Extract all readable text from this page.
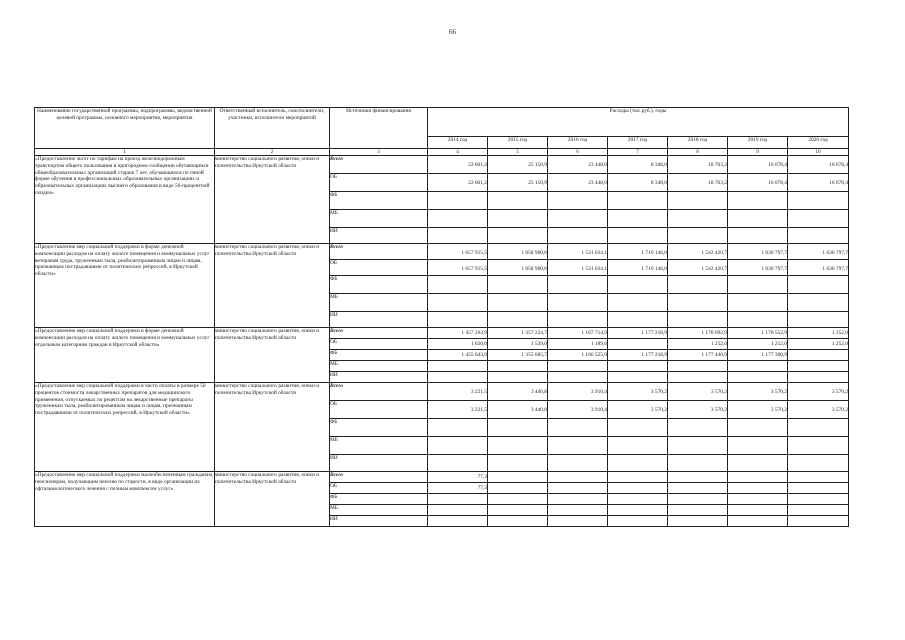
66
Наименование государственной программы, подпрограммы, ведомственной целевой программы, основного мероприятия, мероприятия	Ответственный исполнитель, соисполнители, участники, исполнители мероприятий	Источники финансирования	Расходы (тыс.руб.), годы						
			2014 год	2015 год	2016 год	2017 год	2018 год	2019 год	2020 год
1	2	3	4	5	6	7	8	9	10
«Предоставление льгот по тарифам на проезд железнодорожным транспортом общего пользования в пригородном сообщении обучающимся общеобразовательных организаций старше 7 лет, обучающимся по очной форме обучения в профессиональных образовательных организациях и образовательных организациях высшего образования в виде 50-процентной скидки»	министерство социального развития, опеки и попечительства Иркутской области	Всего	22 601,2	25 150,9	23 448,0	8 348,0	18 763,2	16 678,4	16 678,4
		ОБ	22 601,2	25 150,9	23 448,0	8 348,0	18 763,2	16 678,4	16 678,4
		ФБ							
		МБ							
		ИИ							
«Предоставление мер социальной поддержки в форме денежной компенсации расходов на оплату жилого помещения и коммунальных услуг ветеранам труда, труженикам тыла, реабилитированным лицам и лицам, признанным пострадавшими от политических репрессий, в Иркутской области»	министерство социального развития, опеки и попечительства Иркутской области	Всего	1 657 915,5	1 658 960,6	1 531 634,1	1 710 146,0	1 542 420,7	1 630 797,7	1 630 797,7
		ОБ	1 657 915,5	1 658 960,6	1 531 634,1	1 710 146,0	1 542 420,7	1 630 797,7	1 630 797,7
		ФБ							
		МБ							
		ИИ							
«Предоставление мер социальной поддержки в форме денежной компенсации расходов на оплату жилого помещения и коммунальных услуг отдельным категориям граждан в Иркутской области»	министерство социального развития, опеки и попечительства Иркутской области	Всего	1 457 263,9	1 357 224,7	1 167 714,9	1 177 218,9	1 178 692,9	1 178 552,9	1 252,0
		ОБ	1 620,0	1 539,0	1 189,0		1 252,0	1 252,0	1 252,0
		ФБ	1 455 643,9	1 355 685,7	1 166 525,9	1 177 218,9	1 177 440,9	1 177 300,9	
		МБ							
		ИИ							
«Предоставление мер социальной поддержки в части оплаты в размере 50 процентов стоимости лекарственных препаратов для медицинского применения, отпускаемых по рецептам на лекарственные препараты труженикам тыла, реабилитированным лицам и лицам, признанным пострадавшими от политических репрессий, в Иркутской области»	министерство социального развития, опеки и попечительства Иркутской области	Всего	3 221,5	3 440,8	3 910,4	3 570,2	3 570,2	3 570,2	3 570,2
		ОБ	3 221,5	3 440,8	3 910,4	3 570,2	3 570,2	3 570,2	3 570,2
		ФБ							
		МБ							
		ИИ							
«Предоставление мер социальной поддержки малообеспеченным гражданам, пенсионерам, получающим пенсию по старости, в виде организации их офтальмологического лечения с полным комплексом услуг»	министерство социального развития, опеки и попечительства Иркутской области	Всего	77,3						
		ОБ	77,3						
		ФБ							
		МБ							
		ИИ							
